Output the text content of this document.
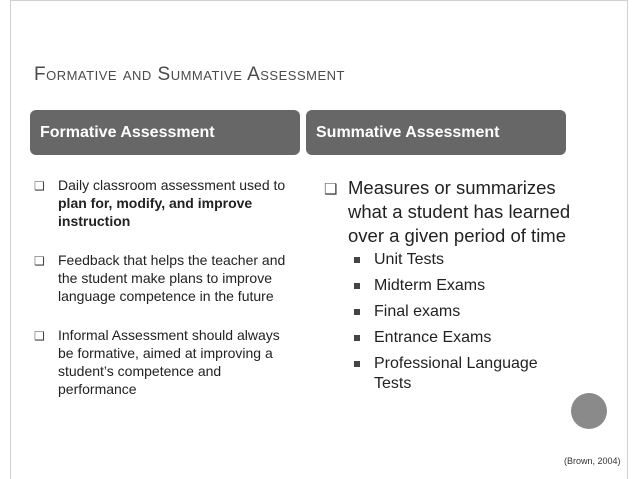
Formative and Summative Assessment
Formative Assessment	Summative Assessment
❑ Daily classroom assessment used to plan for, modify, and improve instruction
❑ Feedback that helps the teacher and the student make plans to improve language competence in the future
❑ Informal Assessment should always be formative, aimed at improving a student’s competence and performance
❑ Measures or summarizes what a student has learned over a given period of time
Unit Tests
Midterm Exams
Final exams
Entrance Exams
Professional Language Tests
(Brown, 2004)
